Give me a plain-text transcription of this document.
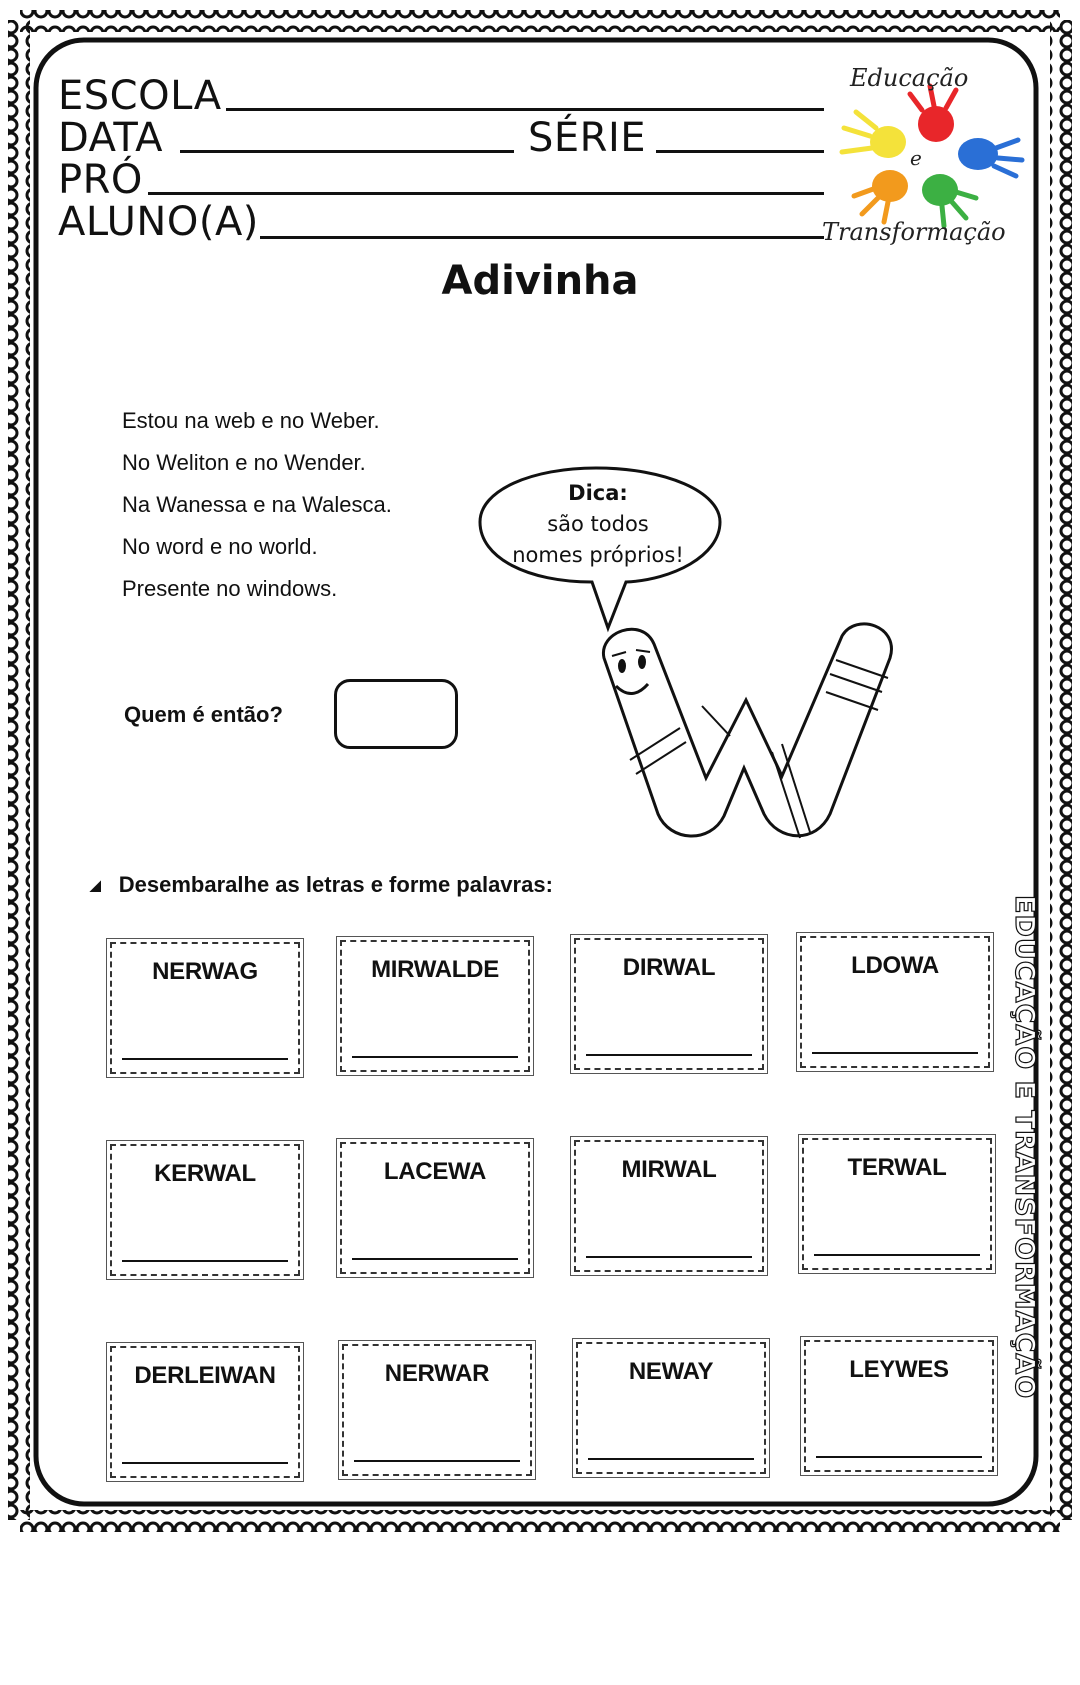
ESCOLA
DATA	SÉRIE
PRÓ
ALUNO(A)
Educação
e
Transformação
Adivinha
Estou na web e no Weber.
No Weliton e no Wender.
Na Wanessa e na Walesca.
No word e no world.
Presente no windows.
Dica:
são todos
nomes próprios!
Quem é então?
◢ Desembaralhe as letras e forme palavras:
NERWAG	MIRWALDE	DIRWAL	LDOWA
KERWAL	LACEWA	MIRWAL	TERWAL
DERLEIWAN	NERWAR	NEWAY	LEYWES	EDUCAÇÃO E TRANSFORMAÇÃO
